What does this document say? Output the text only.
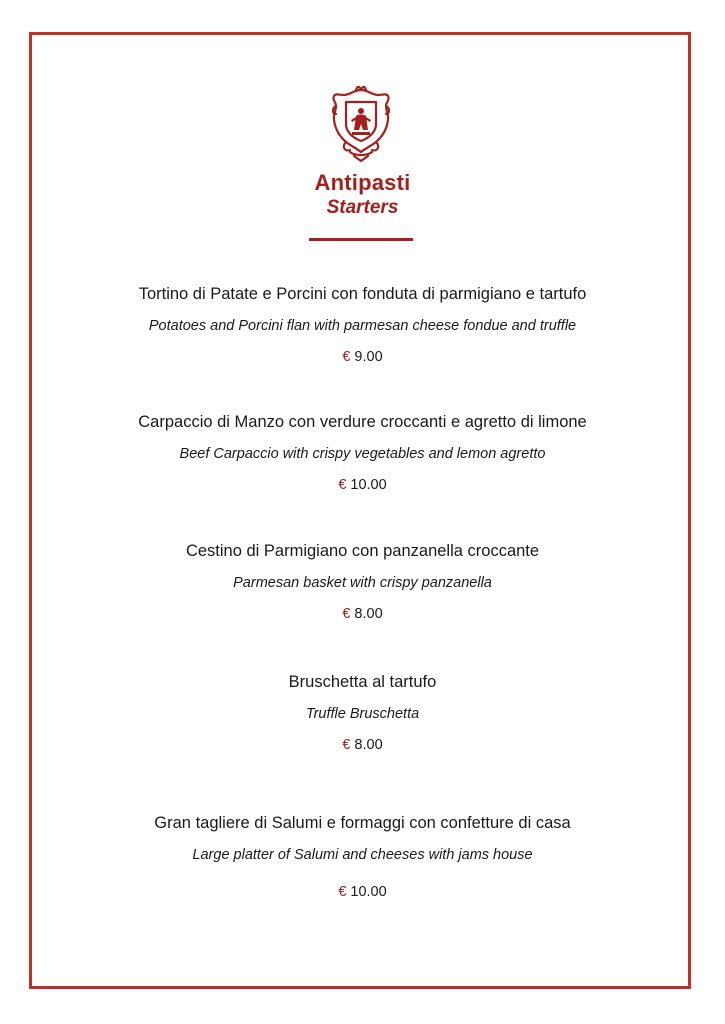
Antipasti
Starters
Tortino di Patate e Porcini con fonduta di parmigiano e tartufo
Potatoes and Porcini flan with parmesan cheese fondue and truffle
€ 9.00
Carpaccio di Manzo con verdure croccanti e agretto di limone
Beef Carpaccio with crispy vegetables and lemon agretto
€ 10.00
Cestino di Parmigiano con panzanella croccante
Parmesan basket with crispy panzanella
€ 8.00
Bruschetta al tartufo
Truffle Bruschetta
€ 8.00
Gran tagliere di Salumi e formaggi con confetture di casa
Large platter of Salumi and cheeses with jams house
€ 10.00
